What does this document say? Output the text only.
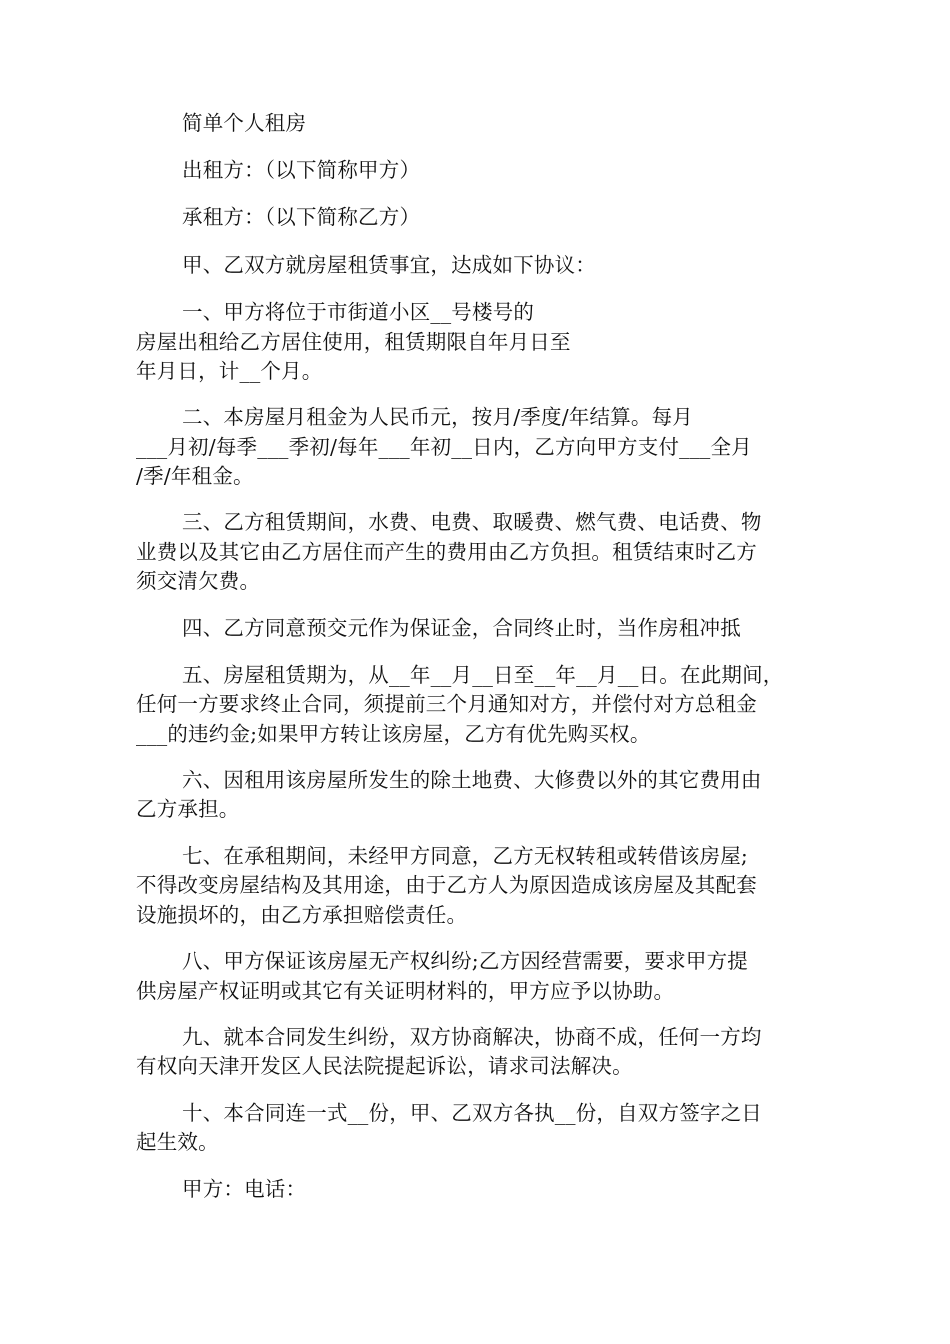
简单个人租房
出租方：（以下简称甲方）
承租方：（以下简称乙方）
甲、乙双方就房屋租赁事宜，达成如下协议：
一、甲方将位于市街道小区__号楼号的
房屋出租给乙方居住使用，租赁期限自年月日至
年月日，计__个月。
二、本房屋月租金为人民币元，按月/季度/年结算。每月
___月初/每季___季初/每年___年初__日内，乙方向甲方支付___全月
/季/年租金。
三、乙方租赁期间，水费、电费、取暖费、燃气费、电话费、物
业费以及其它由乙方居住而产生的费用由乙方负担。租赁结束时乙方
须交清欠费。
四、乙方同意预交元作为保证金，合同终止时，当作房租冲抵
五、房屋租赁期为，从__年__月__日至__年__月__日。在此期间，
任何一方要求终止合同，须提前三个月通知对方，并偿付对方总租金
___的违约金;如果甲方转让该房屋，乙方有优先购买权。
六、因租用该房屋所发生的除土地费、大修费以外的其它费用由
乙方承担。
七、在承租期间，未经甲方同意，乙方无权转租或转借该房屋;
不得改变房屋结构及其用途，由于乙方人为原因造成该房屋及其配套
设施损坏的，由乙方承担赔偿责任。
八、甲方保证该房屋无产权纠纷;乙方因经营需要，要求甲方提
供房屋产权证明或其它有关证明材料的，甲方应予以协助。
九、就本合同发生纠纷，双方协商解决，协商不成，任何一方均
有权向天津开发区人民法院提起诉讼，请求司法解决。
十、本合同连一式__份，甲、乙双方各执__份，自双方签字之日
起生效。
甲方：电话：
